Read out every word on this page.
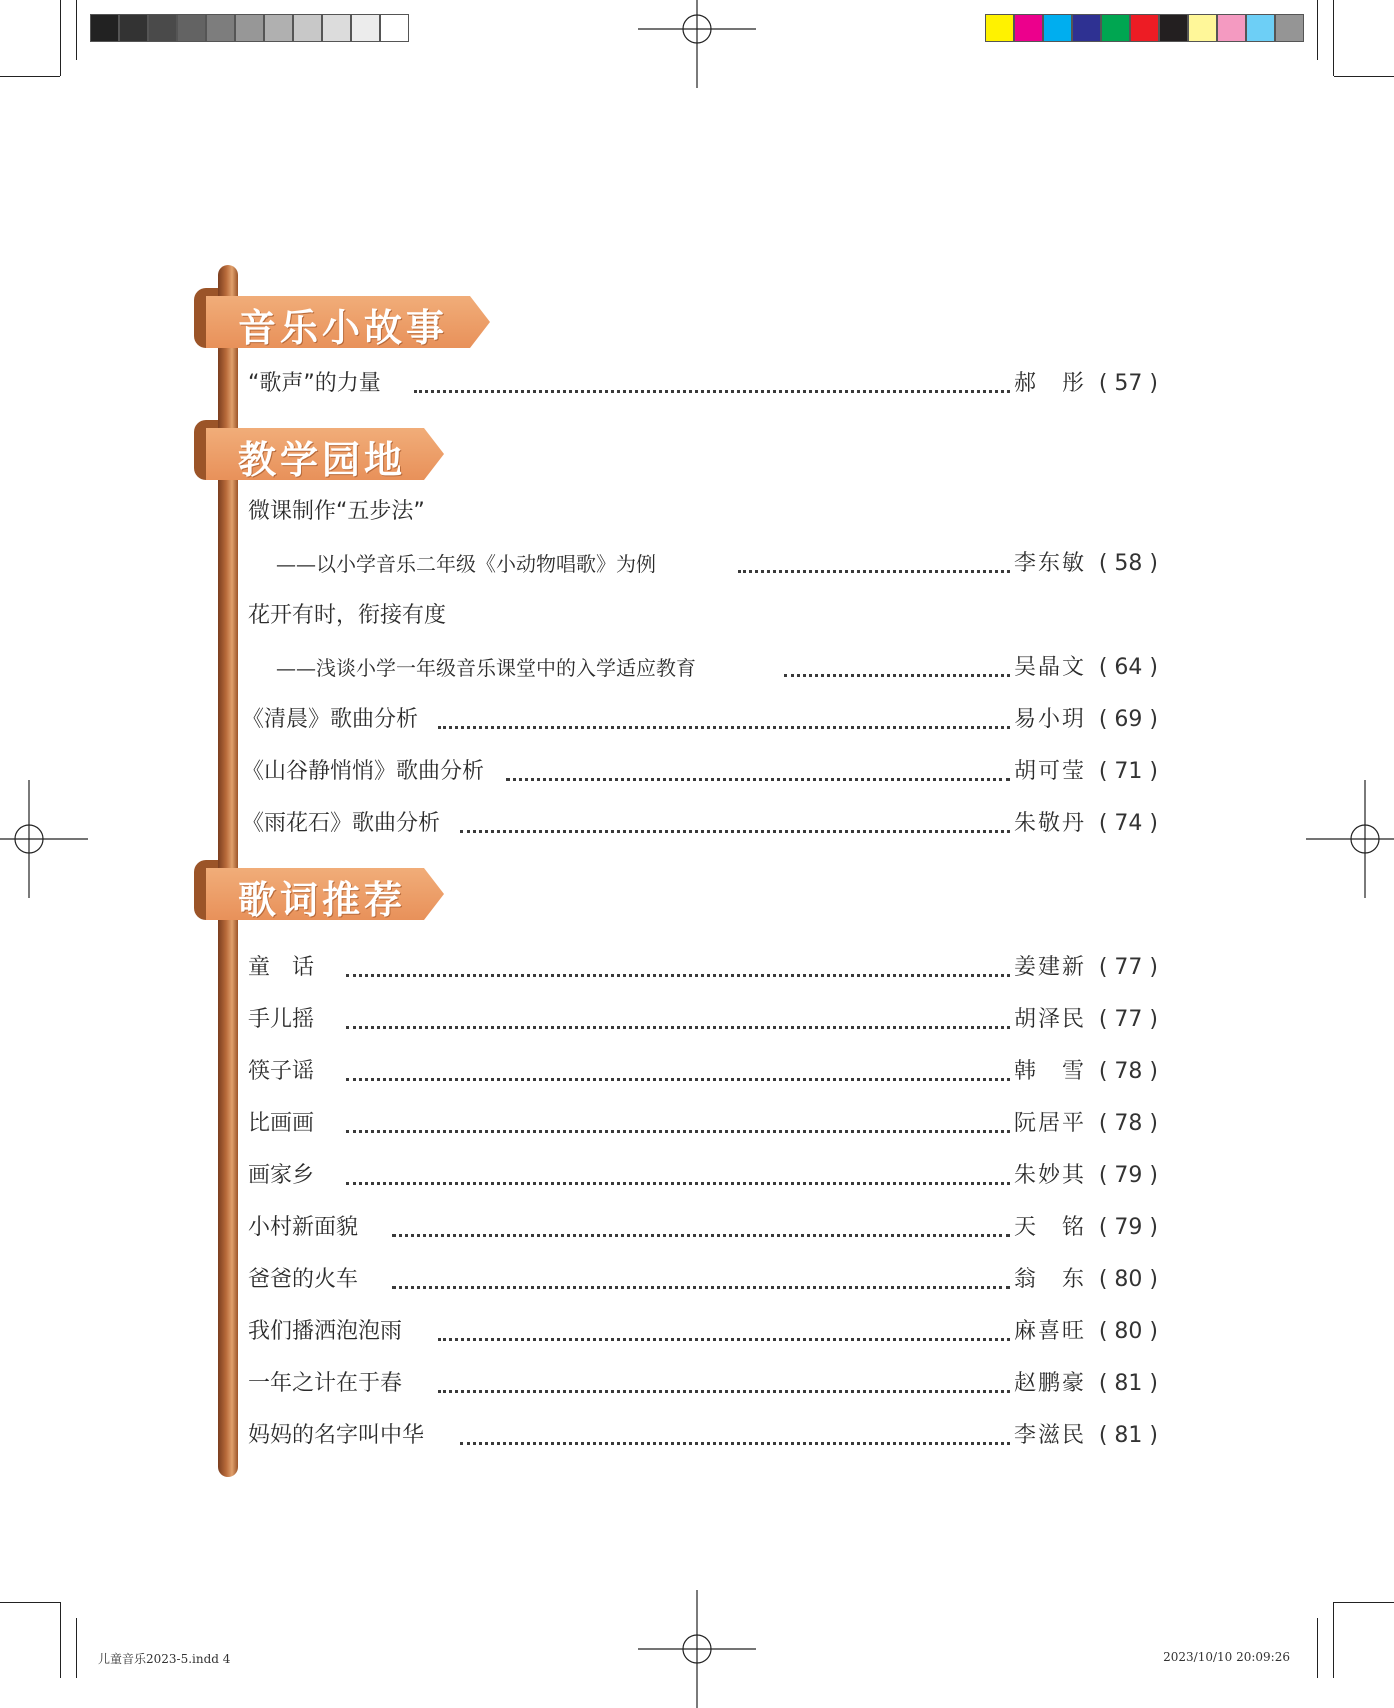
音乐小故事
“歌声”的力量	郝　彤 ( 57 )
教学园地
微课制作“五步法”
——以小学音乐二年级《小动物唱歌》为例	李东敏 ( 58 )
花开有时，衔接有度
——浅谈小学一年级音乐课堂中的入学适应教育	吴晶文 ( 64 )
《清晨》歌曲分析	易小玥 ( 69 )
《山谷静悄悄》歌曲分析	胡可莹 ( 71 )
《雨花石》歌曲分析	朱敬丹 ( 74 )
歌词推荐
童　话	姜建新 ( 77 )
手儿摇	胡泽民 ( 77 )
筷子谣	韩　雪 ( 78 )
比画画	阮居平 ( 78 )
画家乡	朱妙其 ( 79 )
小村新面貌	天　铭 ( 79 )
爸爸的火车	翁　东 ( 80 )
我们播洒泡泡雨	麻喜旺 ( 80 )
一年之计在于春	赵鹏豪 ( 81 )
妈妈的名字叫中华	李滋民 ( 81 )
儿童音乐2023-5.indd 4	2023/10/10 20:09:26
